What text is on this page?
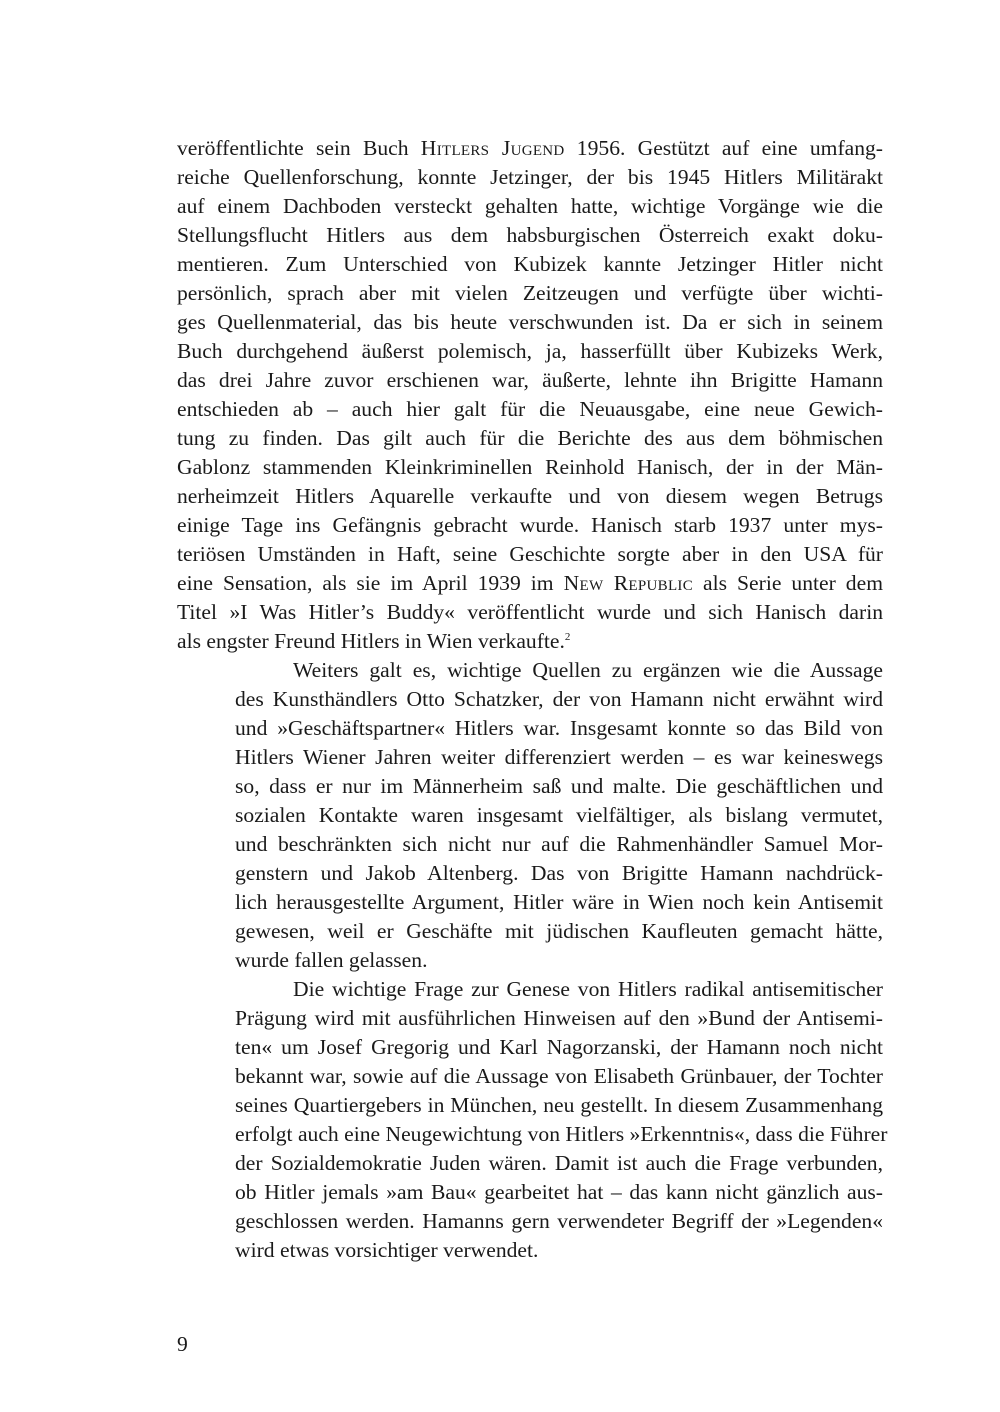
veröffentlichte sein Buch Hitlers Jugend 1956. Gestützt auf eine umfang-
reiche Quellenforschung, konnte Jetzinger, der bis 1945 Hitlers Militärakt
auf einem Dachboden versteckt gehalten hatte, wichtige Vorgänge wie die
Stellungsflucht Hitlers aus dem habsburgischen Österreich exakt doku-
mentieren. Zum Unterschied von Kubizek kannte Jetzinger Hitler nicht
persönlich, sprach aber mit vielen Zeitzeugen und verfügte über wichti-
ges Quellenmaterial, das bis heute verschwunden ist. Da er sich in seinem
Buch durchgehend äußerst polemisch, ja, hasserfüllt über Kubizeks Werk,
das drei Jahre zuvor erschienen war, äußerte, lehnte ihn Brigitte Hamann
entschieden ab – auch hier galt für die Neuausgabe, eine neue Gewich-
tung zu finden. Das gilt auch für die Berichte des aus dem böhmischen
Gablonz stammenden Kleinkriminellen Reinhold Hanisch, der in der Män-
nerheimzeit Hitlers Aquarelle verkaufte und von diesem wegen Betrugs
einige Tage ins Gefängnis gebracht wurde. Hanisch starb 1937 unter mys-
teriösen Umständen in Haft, seine Geschichte sorgte aber in den USA für
eine Sensation, als sie im April 1939 im New Republic als Serie unter dem
Titel »I Was Hitler’s Buddy« veröffentlicht wurde und sich Hanisch darin
als engster Freund Hitlers in Wien verkaufte.$^2$
Weiters galt es, wichtige Quellen zu ergänzen wie die Aussage
des Kunsthändlers Otto Schatzker, der von Hamann nicht erwähnt wird
und »Geschäftspartner« Hitlers war. Insgesamt konnte so das Bild von
Hitlers Wiener Jahren weiter differenziert werden – es war keineswegs
so, dass er nur im Männerheim saß und malte. Die geschäftlichen und
sozialen Kontakte waren insgesamt vielfältiger, als bislang vermutet,
und beschränkten sich nicht nur auf die Rahmenhändler Samuel Mor-
genstern und Jakob Altenberg. Das von Brigitte Hamann nachdrück-
lich herausgestellte Argument, Hitler wäre in Wien noch kein Antisemit
gewesen, weil er Geschäfte mit jüdischen Kaufleuten gemacht hätte,
wurde fallen gelassen.
Die wichtige Frage zur Genese von Hitlers radikal antisemitischer
Prägung wird mit ausführlichen Hinweisen auf den »Bund der Antisemi-
ten« um Josef Gregorig und Karl Nagorzanski, der Hamann noch nicht
bekannt war, sowie auf die Aussage von Elisabeth Grünbauer, der Tochter
seines Quartiergebers in München, neu gestellt. In diesem Zusammenhang
erfolgt auch eine Neugewichtung von Hitlers »Erkenntnis«, dass die Führer
der Sozialdemokratie Juden wären. Damit ist auch die Frage verbunden,
ob Hitler jemals »am Bau« gearbeitet hat – das kann nicht gänzlich aus-
geschlossen werden. Hamanns gern verwendeter Begriff der »Legenden«
wird etwas vorsichtiger verwendet.

9
